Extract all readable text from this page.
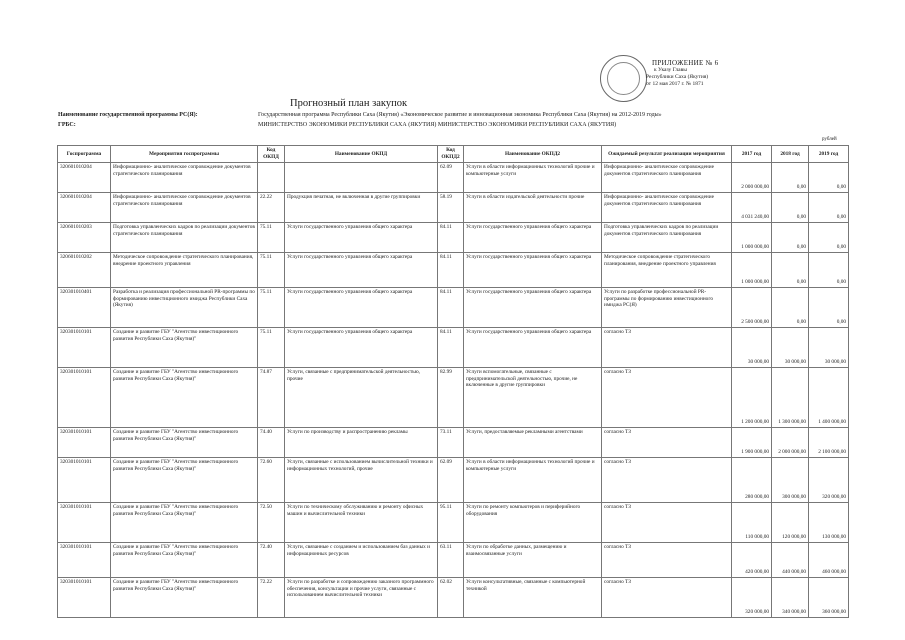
ПРИЛОЖЕНИЕ № 6
к Указу Главы
Республики Саха (Якутия)
от 12 мая 2017 г. № 1871
Прогнозный план закупок
Наименование государственной программы РС(Я):	Государственная программа Республики Саха (Якутия) «Экономическое развитие и инновационная экономика Республики Саха (Якутия) на 2012-2019 годы»
ГРБС:	МИНИСТЕРСТВО ЭКОНОМИКИ РЕСПУБЛИКИ САХА (ЯКУТИЯ) МИНИСТЕРСТВО ЭКОНОМИКИ РЕСПУБЛИКИ САХА (ЯКУТИЯ)
рублей
Госпрограмма	Мероприятия госпрограммы	Код ОКПД	Наименование ОКПД	Код ОКПД2	Наименование ОКПД2	Ожидаемый результат реализации мероприятия	2017 год	2018 год	2019 год
320601010204	Информационно- аналитическое сопровождение документов стратегического планирования			62.09	Услуги в области информационных технологий прочие и компьютерные услуги	Информационно- аналитическое сопровождение документов стратегического планирования	2 000 000,00	0,00	0,00
320601010204	Информационно- аналитическое сопровождение документов стратегического планирования	22.22	Продукция печатная, не включенная в другие группировки	58.19	Услуги в области издательской деятельности прочие	Информационно- аналитическое сопровождение документов стратегического планирования	4 031 240,00	0,00	0,00
320601010203	Подготовка управленческих кадров по реализации документов стратегического планирования	75.11	Услуги государственного управления общего характера	84.11	Услуги государственного управления общего характера	Подготовка управленческих кадров по реализации документов стратегического планирования	1 000 000,00	0,00	0,00
320601010202	Методическое сопровождение стратегического планирования, внедрение проектного управления	75.11	Услуги государственного управления общего характера	84.11	Услуги государственного управления общего характера	Методическое сопровождение стратегического планирования, внедрение проектного управления	1 000 000,00	0,00	0,00
320301010401	Разработка и реализация профессиональной PR-программы по формированию инвестиционного имиджа Республики Саха (Якутия)	75.11	Услуги государственного управления общего характера	84.11	Услуги государственного управления общего характера	Услуги по разработке профессиональной PR-программы по формированию инвестиционного имиджа РС(Я)	2 500 000,00	0,00	0,00
320301010101	Создание и развитие ГБУ "Агентство инвестиционного развития Республики Саха (Якутия)"	75.11	Услуги государственного управления общего характера	84.11	Услуги государственного управления общего характера	согласно ТЗ	30 000,00	30 000,00	30 000,00
320301010101	Создание и развитие ГБУ "Агентство инвестиционного развития Республики Саха (Якутия)"	74.87	Услуги, связанные с предпринимательской деятельностью, прочие	82.99	Услуги вспомогательные, связанные с предпринимательской деятельностью, прочие, не включенные в другие группировки	согласно ТЗ	1 200 000,00	1 300 000,00	1 400 000,00
320301010101	Создание и развитие ГБУ "Агентство инвестиционного развития Республики Саха (Якутия)"	74.40	Услуги по производству и распространению рекламы	73.11	Услуги, предоставляемые рекламными агентствами	согласно ТЗ	1 900 000,00	2 000 000,00	2 100 000,00
320301010101	Создание и развитие ГБУ "Агентство инвестиционного развития Республики Саха (Якутия)"	72.60	Услуги, связанные с использованием вычислительной техники и информационных технологий, прочие	62.09	Услуги в области информационных технологий прочие и компьютерные услуги	согласно ТЗ	280 000,00	300 000,00	320 000,00
320301010101	Создание и развитие ГБУ "Агентство инвестиционного развития Республики Саха (Якутия)"	72.50	Услуги по техническому обслуживанию и ремонту офисных машин и вычислительной техники	95.11	Услуги по ремонту компьютеров и периферийного оборудования	согласно ТЗ	110 000,00	120 000,00	130 000,00
320301010101	Создание и развитие ГБУ "Агентство инвестиционного развития Республики Саха (Якутия)"	72.40	Услуги, связанные с созданием и использованием баз данных и информационных ресурсов	63.11	Услуги по обработке данных, размещению и взаимосвязанные услуги	согласно ТЗ	420 000,00	440 000,00	460 000,00
320301010101	Создание и развитие ГБУ "Агентство инвестиционного развития Республики Саха (Якутия)"	72.22	Услуги по разработке и сопровождению заказного программного обеспечения, консультации и прочие услуги, связанные с использованием вычислительной техники	62.02	Услуги консультативные, связанные с компьютерной техникой	согласно ТЗ	320 000,00	340 000,00	360 000,00
